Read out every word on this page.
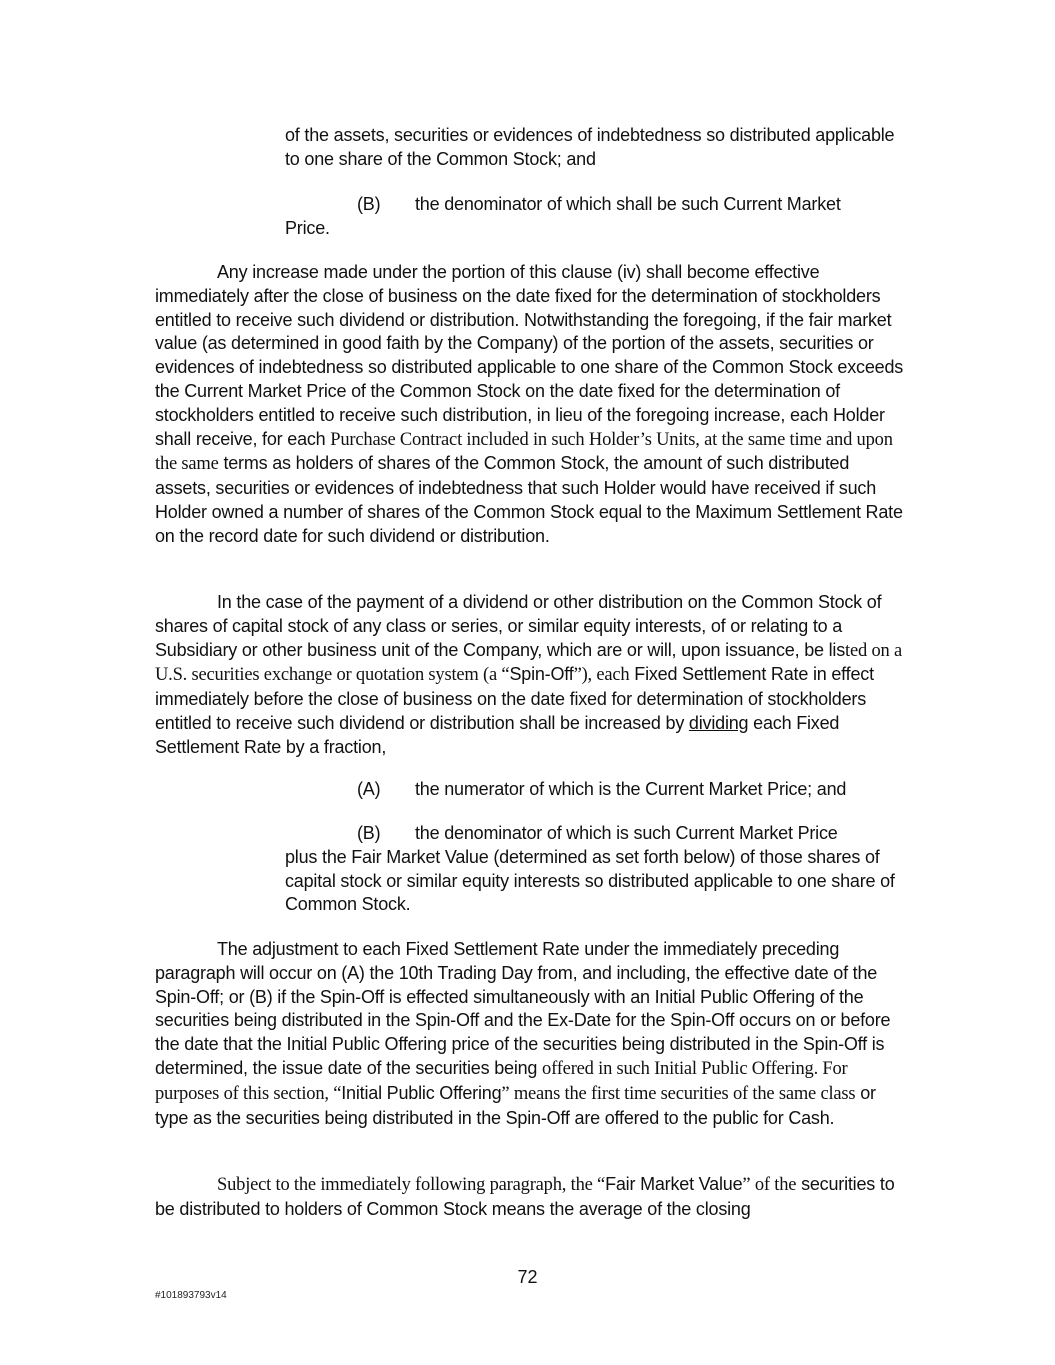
of the assets, securities or evidences of indebtedness so distributed applicable to one share of the Common Stock; and

(B) the denominator of which shall be such Current Market
Price.

Any increase made under the portion of this clause (iv) shall become effective immediately after the close of business on the date fixed for the determination of stockholders entitled to receive such dividend or distribution. Notwithstanding the foregoing, if the fair market value (as determined in good faith by the Company) of the portion of the assets, securities or evidences of indebtedness so distributed applicable to one share of the Common Stock exceeds the Current Market Price of the Common Stock on the date fixed for the determination of stockholders entitled to receive such distribution, in lieu of the foregoing increase, each Holder shall receive, for each Purchase Contract included in such Holder’s Units, at the same time and upon the same terms as holders of shares of the Common Stock, the amount of such distributed assets, securities or evidences of indebtedness that such Holder would have received if such Holder owned a number of shares of the Common Stock equal to the Maximum Settlement Rate on the record date for such dividend or distribution.

In the case of the payment of a dividend or other distribution on the Common Stock of shares of capital stock of any class or series, or similar equity interests, of or relating to a Subsidiary or other business unit of the Company, which are or will, upon issuance, be listed on a U.S. securities exchange or quotation system (a “Spin-Off”), each Fixed Settlement Rate in effect immediately before the close of business on the date fixed for determination of stockholders entitled to receive such dividend or distribution shall be increased by dividing each Fixed Settlement Rate by a fraction,

(A) the numerator of which is the Current Market Price; and

(B) the denominator of which is such Current Market Price
plus the Fair Market Value (determined as set forth below) of those shares of capital stock or similar equity interests so distributed applicable to one share of Common Stock.

The adjustment to each Fixed Settlement Rate under the immediately preceding paragraph will occur on (A) the 10th Trading Day from, and including, the effective date of the Spin-Off; or (B) if the Spin-Off is effected simultaneously with an Initial Public Offering of the securities being distributed in the Spin-Off and the Ex-Date for the Spin-Off occurs on or before the date that the Initial Public Offering price of the securities being distributed in the Spin-Off is determined, the issue date of the securities being offered in such Initial Public Offering. For purposes of this section, “Initial Public Offering” means the first time securities of the same class or type as the securities being distributed in the Spin-Off are offered to the public for Cash.

Subject to the immediately following paragraph, the “Fair Market Value” of the securities to be distributed to holders of Common Stock means the average of the closing

72
#101893793v14
